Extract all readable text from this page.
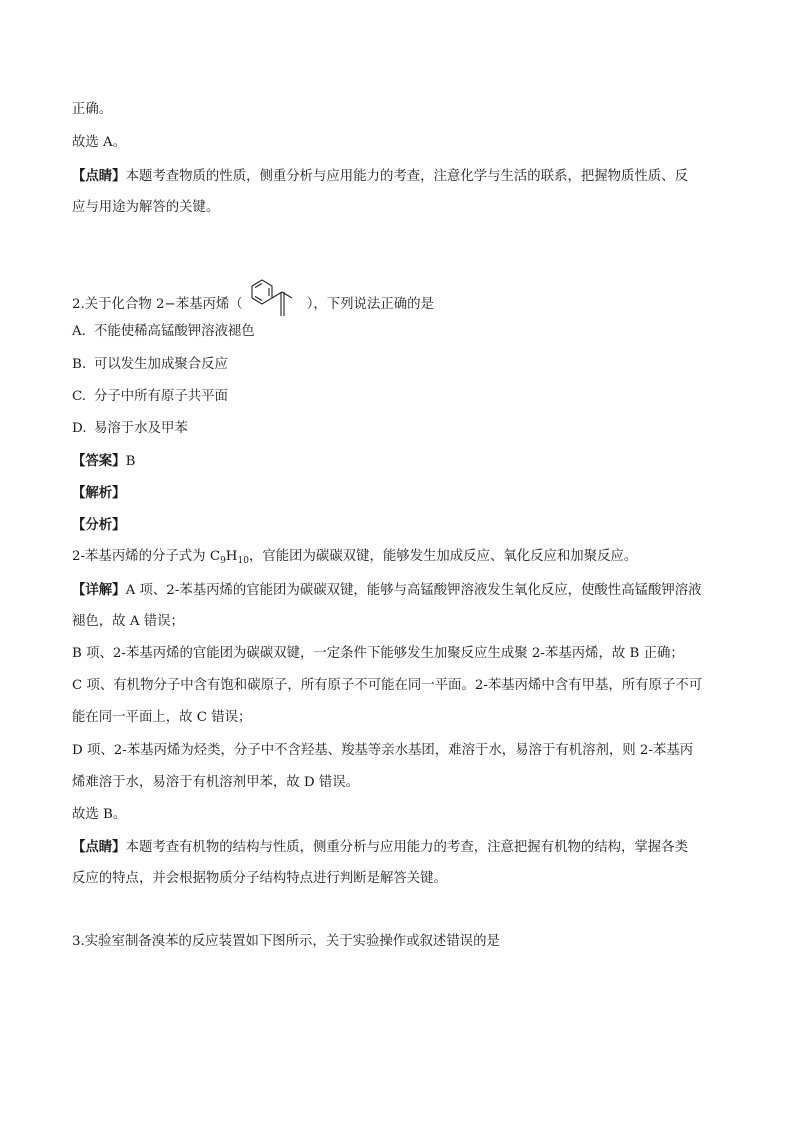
正确。
故选 A。
【点睛】本题考查物质的性质，侧重分析与应用能力的考查，注意化学与生活的联系，把握物质性质、反
应与用途为解答的关键。
2.关于化合物 2−苯基丙烯（	），下列说法正确的是
A. 不能使稀高锰酸钾溶液褪色
B. 可以发生加成聚合反应
C. 分子中所有原子共平面
D. 易溶于水及甲苯
【答案】B
【解析】
【分析】
2-苯基丙烯的分子式为 $C_9H_{10}$，官能团为碳碳双键，能够发生加成反应、氧化反应和加聚反应。
【详解】A 项、2-苯基丙烯的官能团为碳碳双键，能够与高锰酸钾溶液发生氧化反应，使酸性高锰酸钾溶液
褪色，故 A 错误；
B 项、2-苯基丙烯的官能团为碳碳双键，一定条件下能够发生加聚反应生成聚 2-苯基丙烯，故 B 正确；
C 项、有机物分子中含有饱和碳原子，所有原子不可能在同一平面。2-苯基丙烯中含有甲基，所有原子不可
能在同一平面上，故 C 错误；
D 项、2-苯基丙烯为烃类，分子中不含羟基、羧基等亲水基团，难溶于水，易溶于有机溶剂，则 2-苯基丙
烯难溶于水，易溶于有机溶剂甲苯，故 D 错误。
故选 B。
【点睛】本题考查有机物的结构与性质，侧重分析与应用能力的考查，注意把握有机物的结构，掌握各类
反应的特点，并会根据物质分子结构特点进行判断是解答关键。
3.实验室制备溴苯的反应装置如下图所示，关于实验操作或叙述错误的是
